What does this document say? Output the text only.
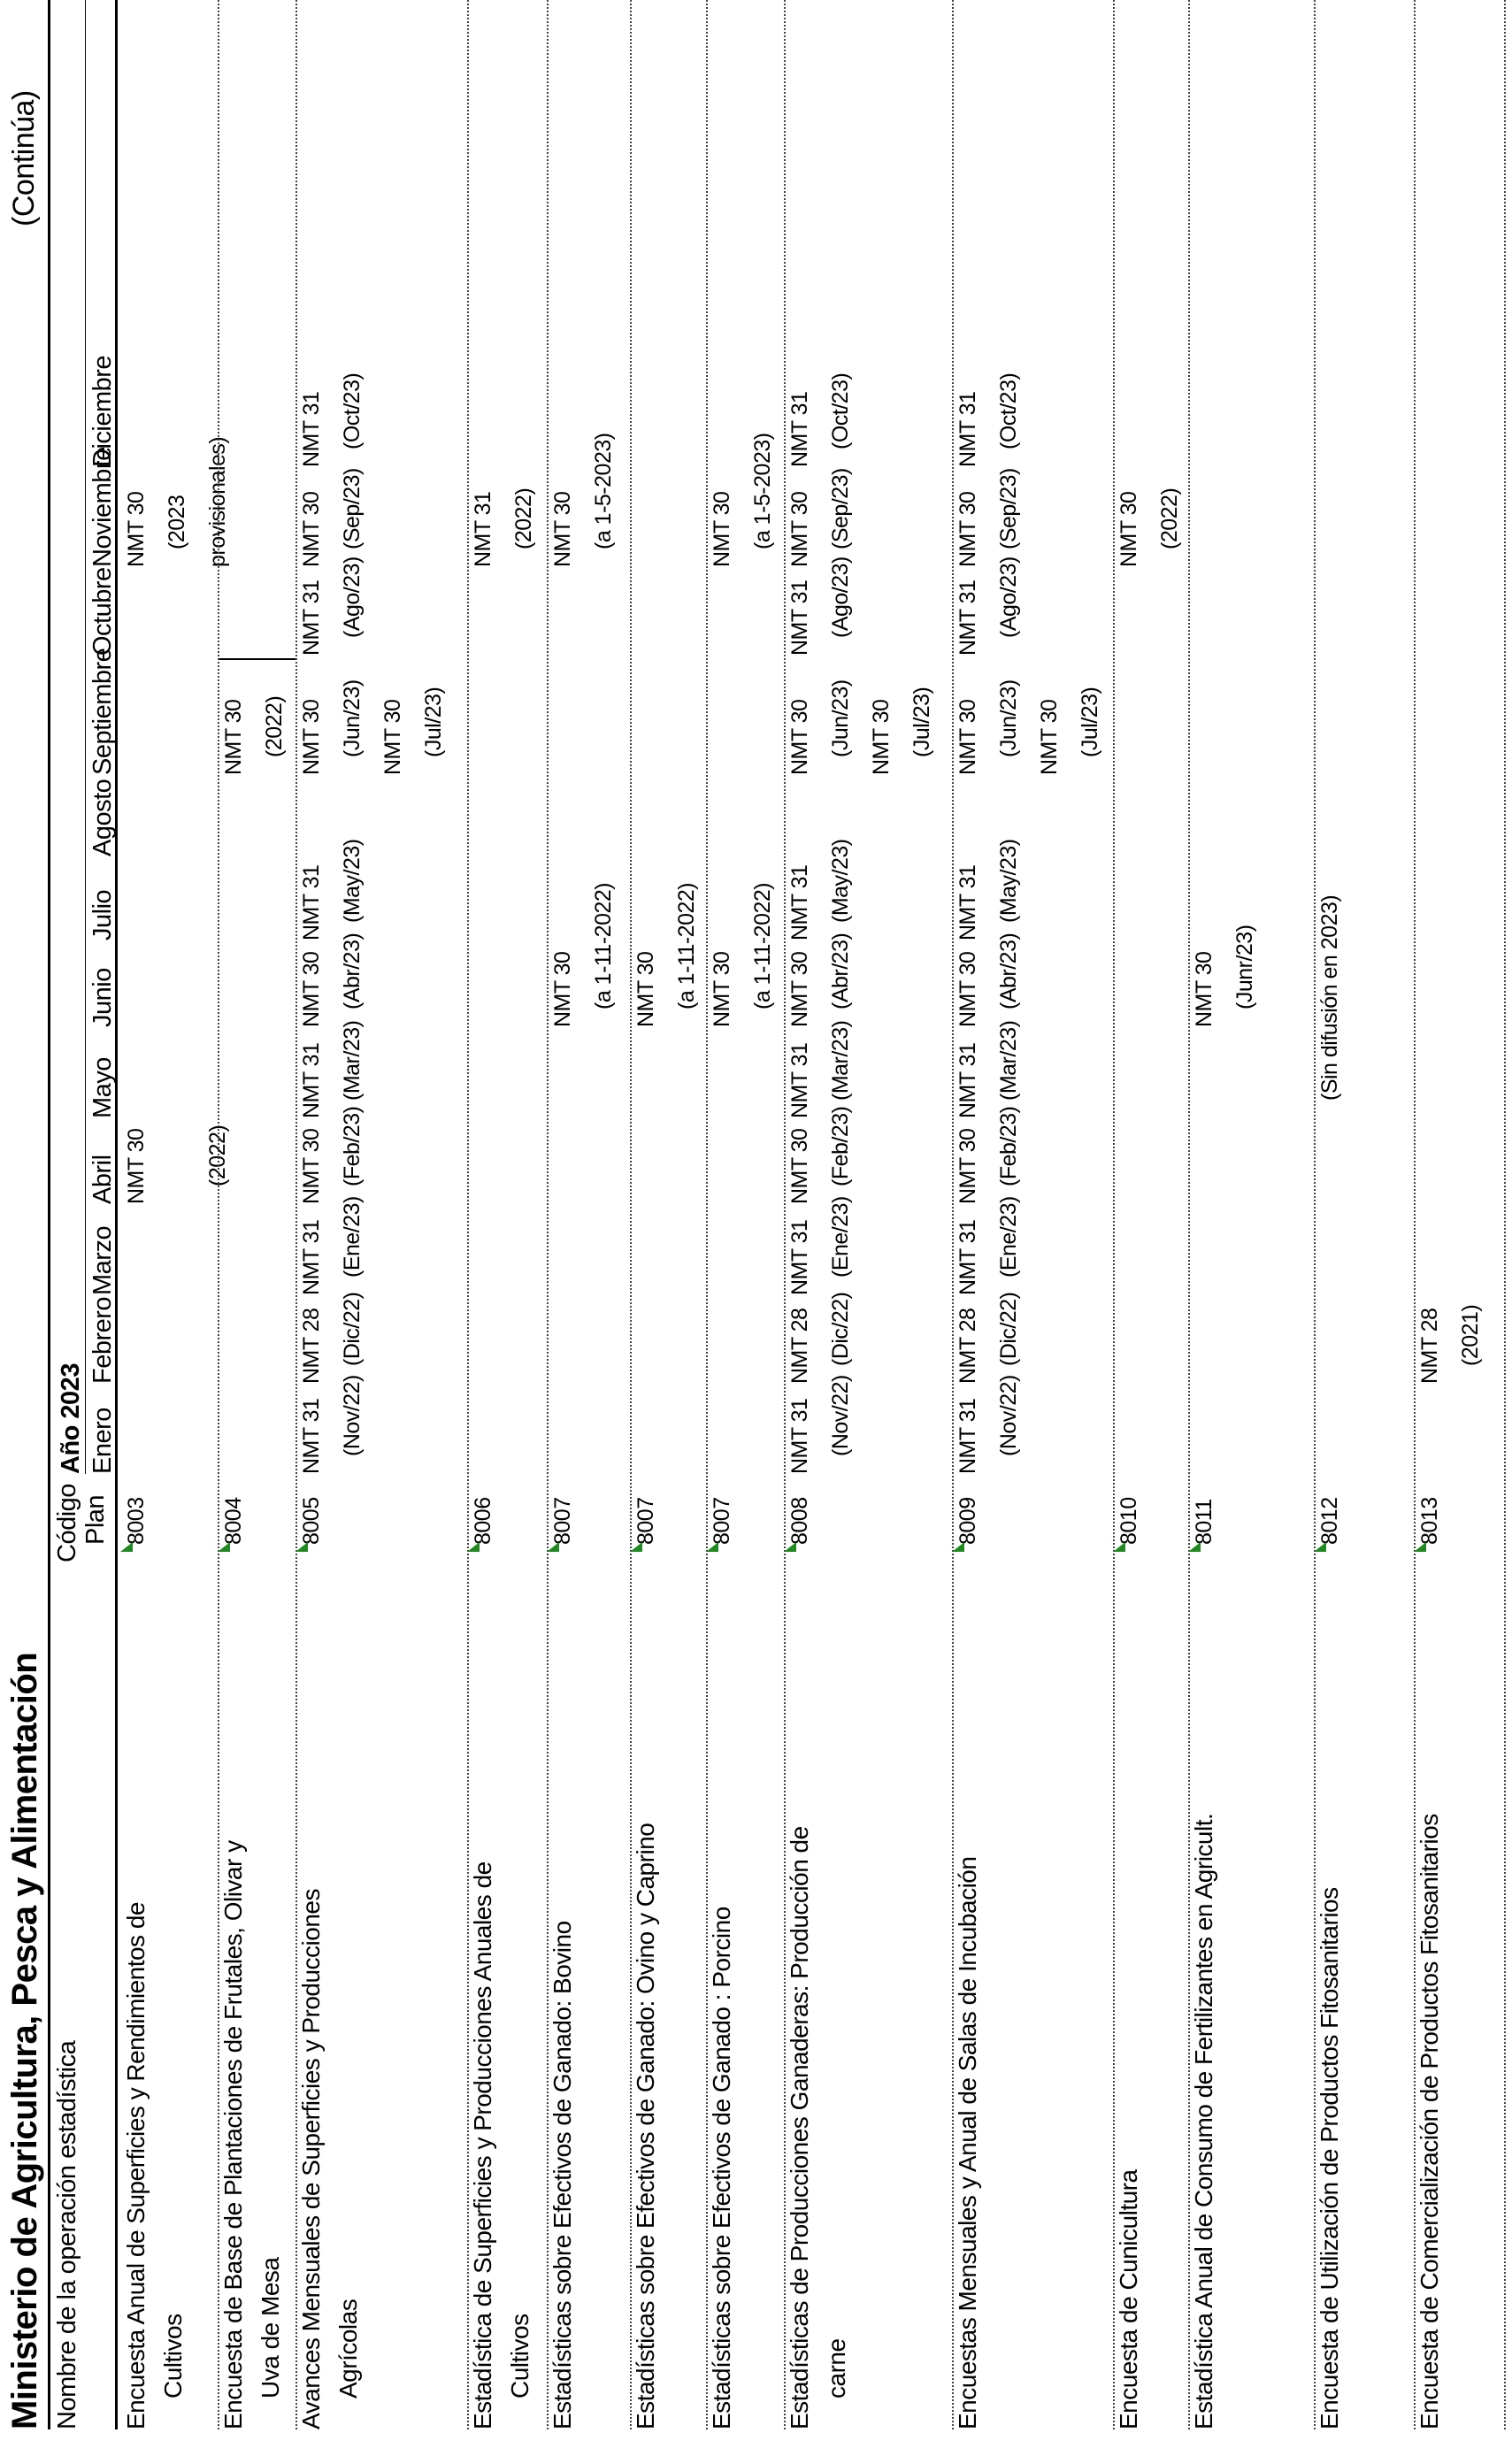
Ministerio de Agricultura, Pesca y Alimentación
(Continúa)
Nombre de la operación estadística
Código Plan
Año 2023 Enero
Febrero
Marzo
Abril
Mayo
Junio
Julio
Agosto
Septiembre
Octubre
Noviembre
Diciembre
Encuesta Anual de Superficies y Rendimientos de Cultivos
8003
NMT 30	(2022)
NMT 30 (2023 provisionales)
Encuesta de Base de Plantaciones de Frutales, Olivar y Uva de Mesa
8004
NMT 30 (2022)
Avances Mensuales de Superficies y Producciones Agrícolas
8005
NMT 31 (Nov/22)
NMT 28 (Dic/22)
NMT 31 (Ene/23)
NMT 30 (Feb/23)
NMT 31 (Mar/23)
NMT 30 (Abr/23)
NMT 31 (May/23)
NMT 30 (Jun/23) NMT 30 (Jul/23)
NMT 31 (Ago/23)
NMT 30 (Sep/23)
NMT 31 (Oct/23)
Estadística de Superficies y Producciones Anuales de Cultivos
8006
NMT 31 (2022)
Estadísticas sobre Efectivos de Ganado: Bovino
8007
NMT 30 (a 1-11-2022)
NMT 30 (a 1-5-2023)
Estadísticas sobre Efectivos de Ganado: Ovino y Caprino
8007
NMT 30 (a 1-11-2022)
Estadísticas sobre Efectivos de Ganado : Porcino
8007
NMT 30 (a 1-11-2022)
NMT 30 (a 1-5-2023)
Estadísticas de Producciones Ganaderas: Producción de carne
8008
NMT 31 (Nov/22)
NMT 28 (Dic/22)
NMT 31 (Ene/23)
NMT 30 (Feb/23)
NMT 31 (Mar/23)
NMT 30 (Abr/23)
NMT 31 (May/23)
NMT 30 (Jun/23) NMT 30 (Jul/23)
NMT 31 (Ago/23)
NMT 30 (Sep/23)
NMT 31 (Oct/23)
Encuestas Mensuales y Anual de Salas de Incubación
8009
NMT 31 (Nov/22)
NMT 28 (Dic/22)
NMT 31 (Ene/23)
NMT 30 (Feb/23)
NMT 31 (Mar/23)
NMT 30 (Abr/23)
NMT 31 (May/23)
NMT 30 (Jun/23) NMT 30 (Jul/23)
NMT 31 (Ago/23)
NMT 30 (Sep/23)
NMT 31 (Oct/23)
Encuesta de Cunicultura
8010
NMT 30 (2022)
Estadística Anual de Consumo de Fertilizantes en Agricult.
8011
NMT 30 (Junr/23)
Encuesta de Utilización de Productos Fitosanitarios
8012
(Sin difusión en 2023)
Encuesta de Comercialización de Productos Fitosanitarios
8013
NMT 28 (2021)
